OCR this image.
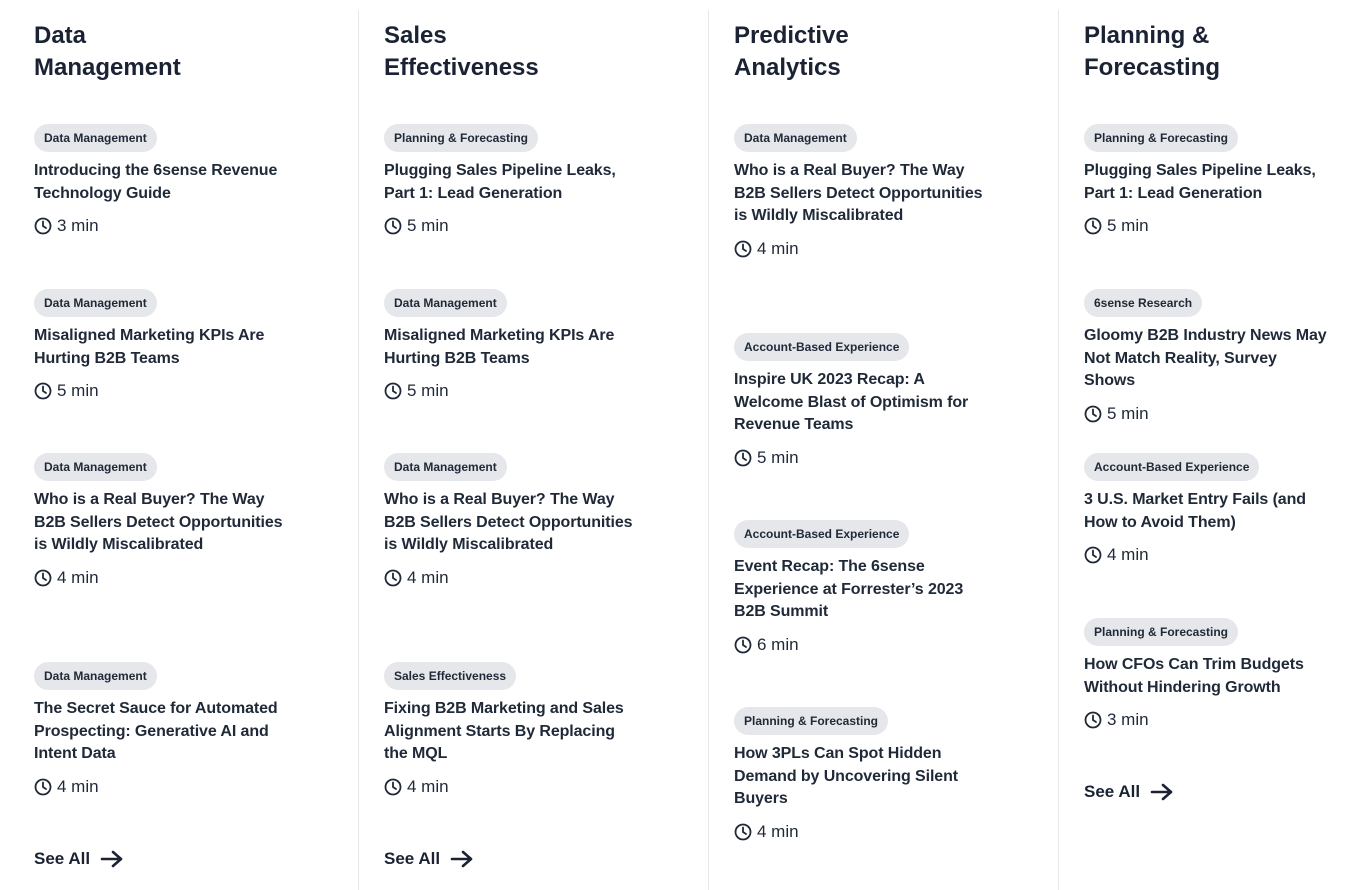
Data
Management
Data Management
Introducing the 6sense Revenue Technology Guide
3 min
Data Management
Misaligned Marketing KPIs Are Hurting B2B Teams
5 min
Data Management
Who is a Real Buyer? The Way B2B Sellers Detect Opportunities is Wildly Miscalibrated
4 min
Data Management
The Secret Sauce for Automated Prospecting: Generative AI and Intent Data
4 min
See All
Sales
Effectiveness
Planning & Forecasting
Plugging Sales Pipeline Leaks, Part 1: Lead Generation
5 min
Data Management
Misaligned Marketing KPIs Are Hurting B2B Teams
5 min
Data Management
Who is a Real Buyer? The Way B2B Sellers Detect Opportunities is Wildly Miscalibrated
4 min
Sales Effectiveness
Fixing B2B Marketing and Sales Alignment Starts By Replacing the MQL
4 min
See All
Predictive
Analytics
Data Management
Who is a Real Buyer? The Way B2B Sellers Detect Opportunities is Wildly Miscalibrated
4 min
Account-Based Experience
Inspire UK 2023 Recap: A Welcome Blast of Optimism for Revenue Teams
5 min
Account-Based Experience
Event Recap: The 6sense Experience at Forrester’s 2023 B2B Summit
6 min
Planning & Forecasting
How 3PLs Can Spot Hidden Demand by Uncovering Silent Buyers
4 min
Planning &
Forecasting
Planning & Forecasting
Plugging Sales Pipeline Leaks, Part 1: Lead Generation
5 min
6sense Research
Gloomy B2B Industry News May Not Match Reality, Survey Shows
5 min
Account-Based Experience
3 U.S. Market Entry Fails (and How to Avoid Them)
4 min
Planning & Forecasting
How CFOs Can Trim Budgets Without Hindering Growth
3 min
See All
